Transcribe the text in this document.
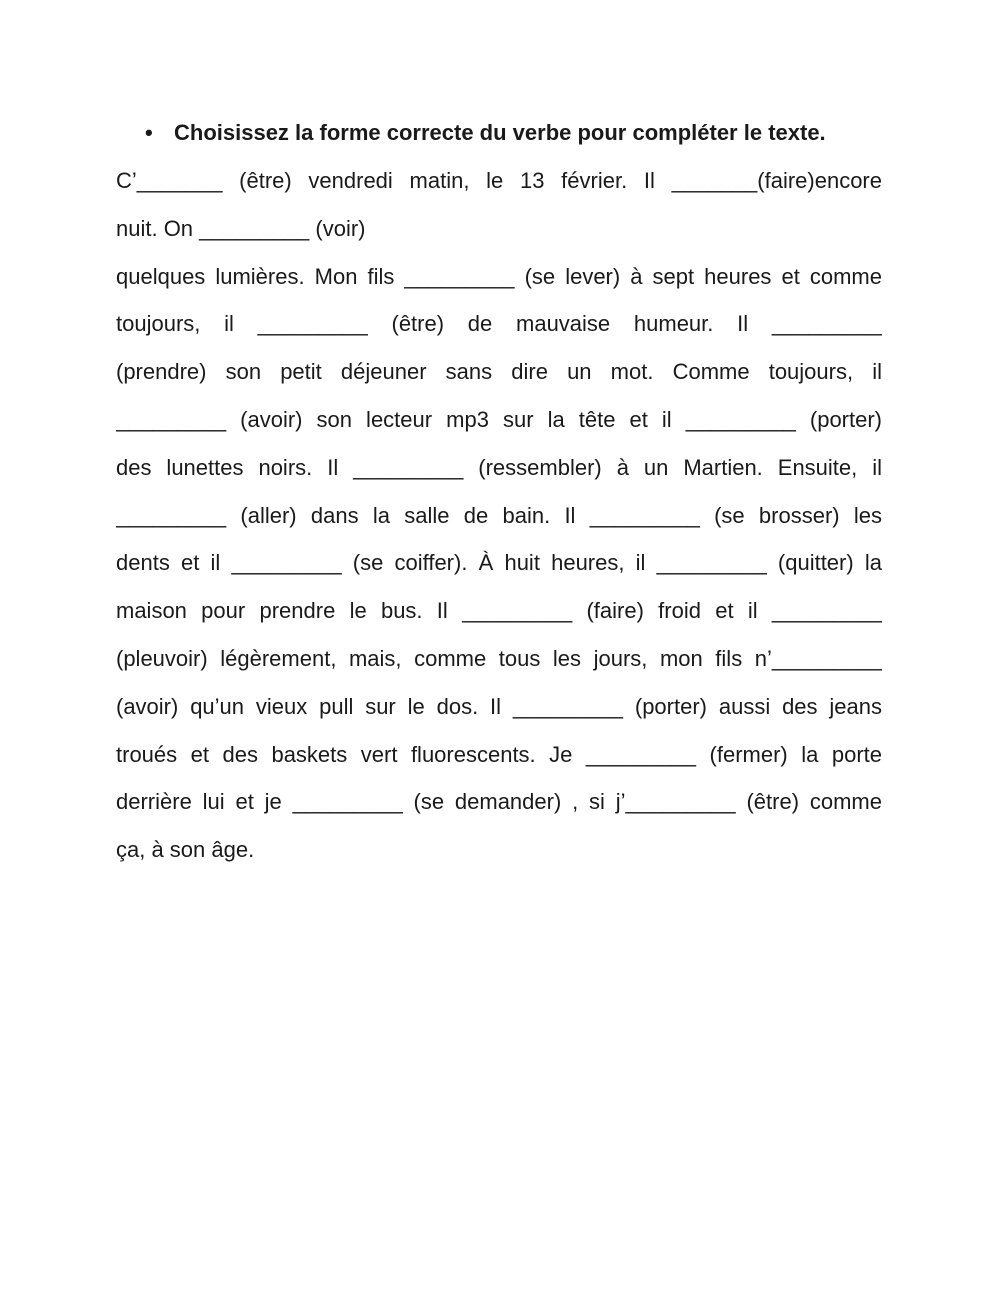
• Choisissez la forme correcte du verbe pour compléter le texte.
C’_______ (être) vendredi matin, le 13 février. Il _______(faire)encore
nuit. On _________ (voir)
quelques lumières. Mon fils _________ (se lever) à sept heures et comme
toujours, il _________ (être) de mauvaise humeur. Il _________
(prendre) son petit déjeuner sans dire un mot. Comme toujours, il
_________ (avoir) son lecteur mp3 sur la tête et il _________ (porter)
des lunettes noirs. Il _________ (ressembler) à un Martien. Ensuite, il
_________ (aller) dans la salle de bain. Il _________ (se brosser) les
dents et il _________ (se coiffer). À huit heures, il _________ (quitter) la
maison pour prendre le bus. Il _________ (faire) froid et il _________
(pleuvoir) légèrement, mais, comme tous les jours, mon fils n’_________
(avoir) qu’un vieux pull sur le dos. Il _________ (porter) aussi des jeans
troués et des baskets vert fluorescents. Je _________ (fermer) la porte
derrière lui et je _________ (se demander) , si j’_________ (être) comme
ça, à son âge.
